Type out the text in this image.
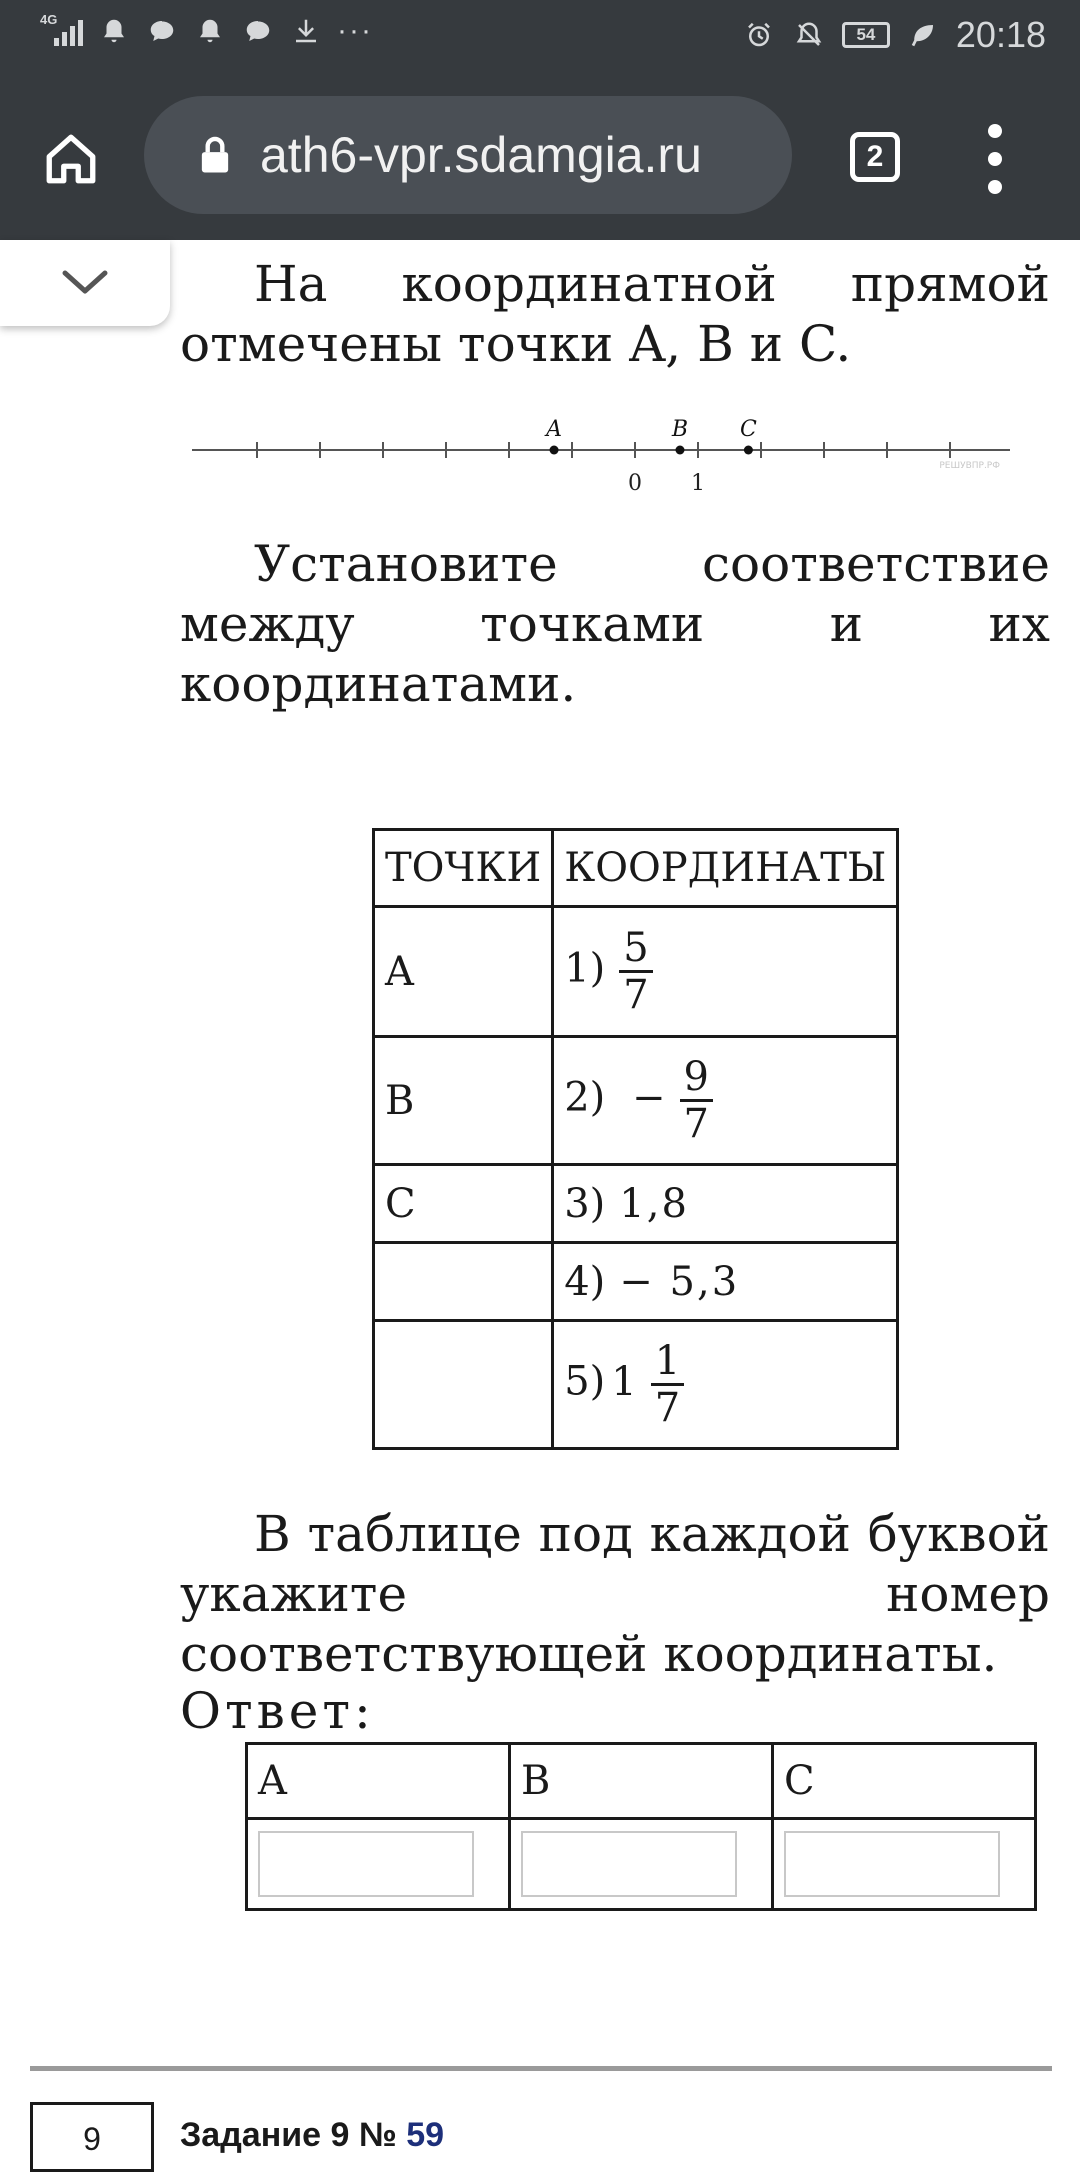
4G	···	54	20:18
ath6-vpr.sdamgia.ru	2

На координатной прямой отмечены точки A, B и C.

A	B C
0 1
РЕШУВПР.РФ

Установите соответствие между точками и их координатами.

ТОЧКИ	КООРДИНАТЫ
A	$1) \frac{5}{7}$

B	$2) - \frac{9}{7}$

C	3) 1,8
	4) − 5,3
	5) $1 \frac{1}{7}$

В таблице под каждой буквой укажите номер соответствующей координаты.

Ответ:

A	B	C

9	Задание 9 № 59
